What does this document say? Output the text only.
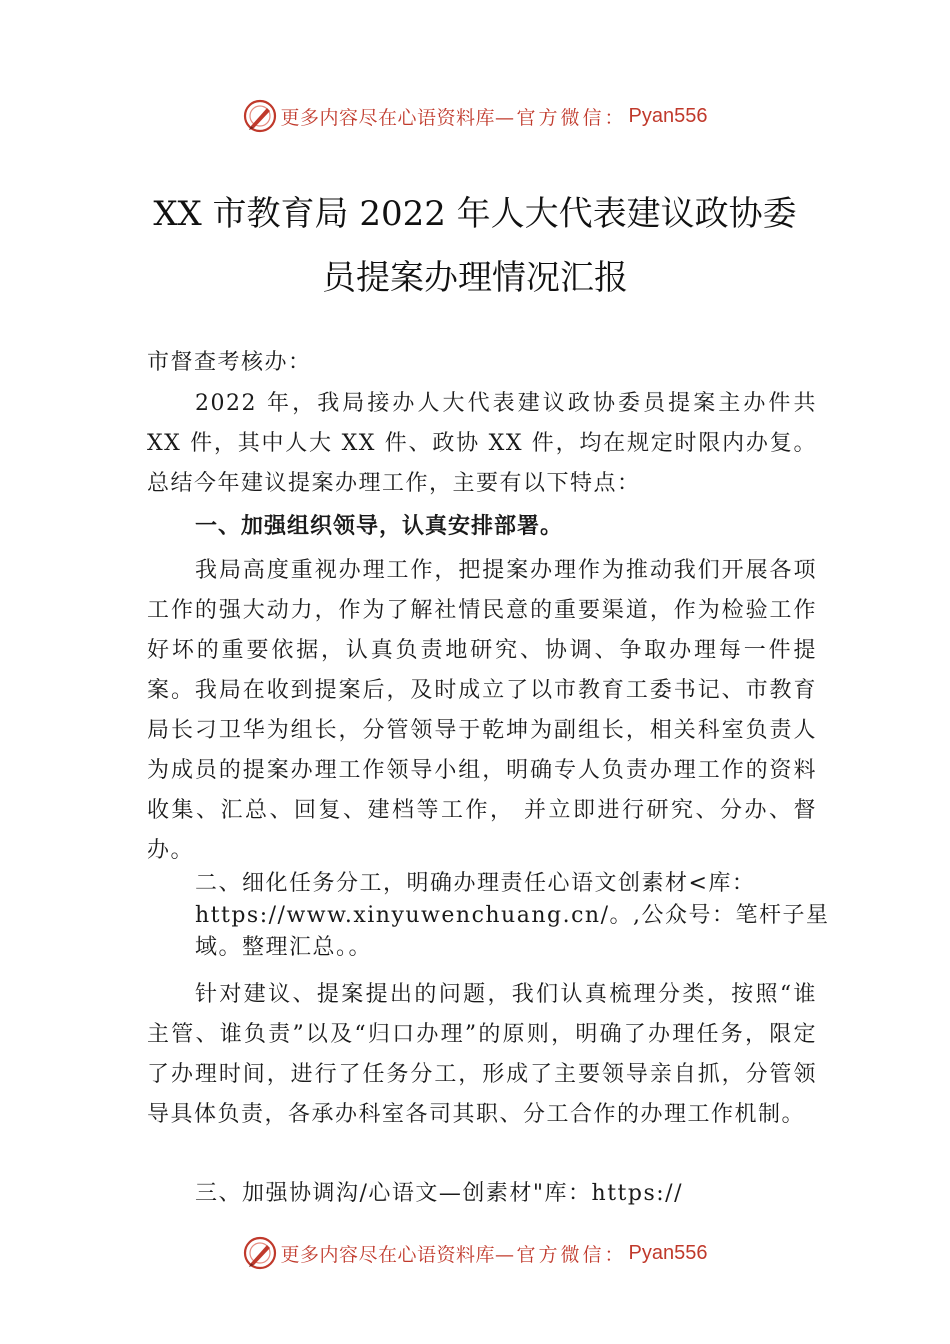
更多内容尽在心语资料库— 官方微信： Pyan556
XX 市教育局 2022 年人大代表建议政协委
员提案办理情况汇报

市督查考核办：

2022 年，我局接办人大代表建议政协委员提案主办件共 XX 件，其中人大 XX 件、政协 XX 件，均在规定时限内办复。总结今年建议提案办理工作，主要有以下特点：

一、加强组织领导，认真安排部署。

我局高度重视办理工作，把提案办理作为推动我们开展各项工作的强大动力，作为了解社情民意的重要渠道，作为检验工作好坏的重要依据，认真负责地研究、协调、争取办理每一件提案。我局在收到提案后，及时成立了以市教育工委书记、市教育局长刁卫华为组长，分管领导于乾坤为副组长，相关科室负责人为成员的提案办理工作领导小组，明确专人负责办理工作的资料收集、汇总、回复、建档等工作， 并立即进行研究、分办、督办。

二、细化任务分工，明确办理责任心语文创素材<库：https://www.xinyuwenchuang.cn/。,公众号：笔杆子星域。整理汇总。。

针对建议、提案提出的问题，我们认真梳理分类，按照“谁主管、谁负责”以及“归口办理”的原则，明确了办理任务，限定了办理时间，进行了任务分工，形成了主要领导亲自抓，分管领导具体负责，各承办科室各司其职、分工合作的办理工作机制。

三、加强协调沟/心语文—创素材"库：https://

更多内容尽在心语资料库— 官方微信： Pyan556
